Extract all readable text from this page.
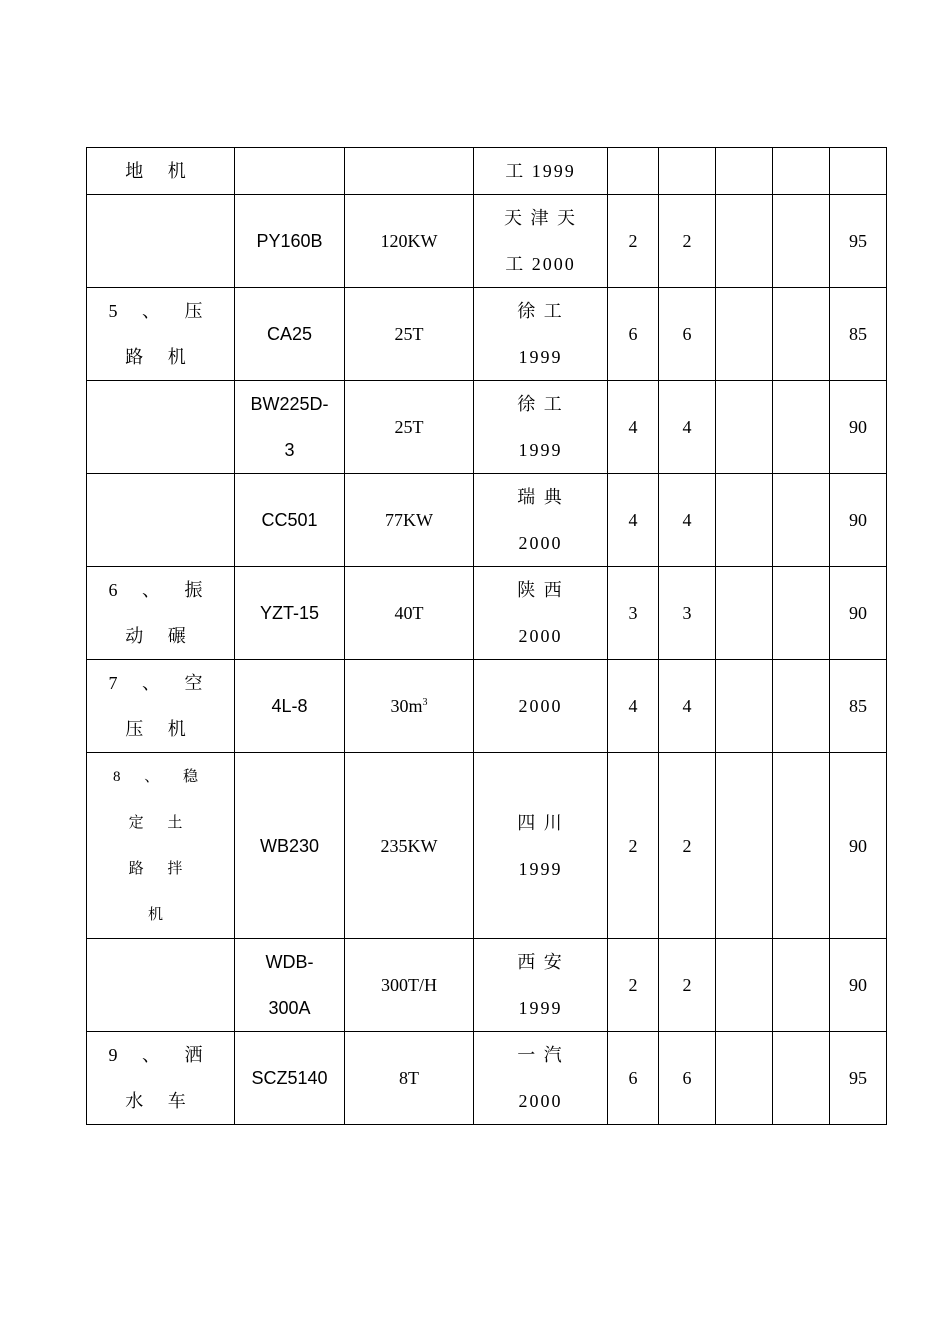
地 机			工 1999					

	PY160B	120KW	天 津 天
工 2000	2	2			95

5 、 压
路 机	CA25	25T	徐 工
1999	6	6			85

	BW225D-
3	25T	徐 工
1999	4	4			90

	CC501	77KW	瑞 典
2000	4	4			90

6 、 振
动 碾	YZT-15	40T	陕 西
2000	3	3			90

7 、 空
压 机	4L-8	$30m^3$	2000	4	4			85

8 、 稳
定 土
路 拌
机	WB230	235KW	四 川
1999	2	2			90

	WDB-
300A	300T/H	西 安
1999	2	2			90

9 、 洒
水 车	SCZ5140	8T	一 汽
2000	6	6			95
